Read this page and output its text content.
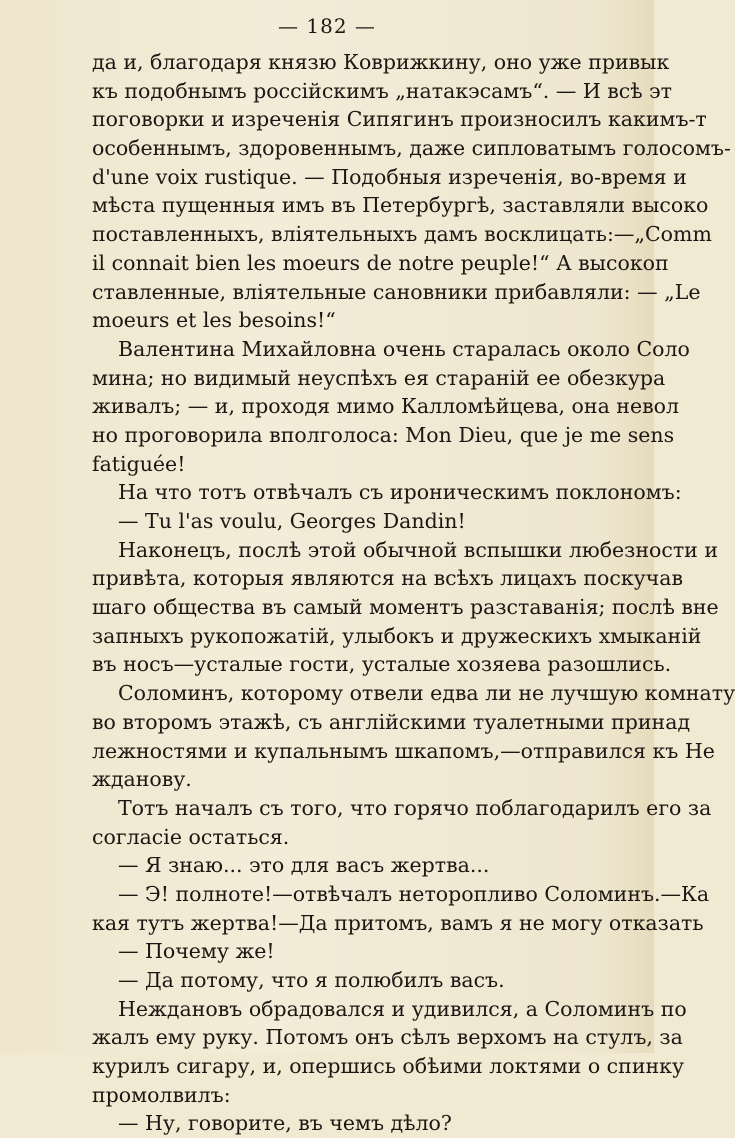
— 182 —
да и, благодаря князю Коврижкину, оно уже привык
къ подобнымъ россійскимъ „натакэсамъ“. — И всѣ эт
поговорки и изреченія Сипягинъ произносилъ какимъ-т
особеннымъ, здоровеннымъ, даже сипловатымъ голосомъ-
d'une voix rustique. — Подобныя изреченія, во-время и
мѣста пущенныя имъ въ Петербургѣ, заставляли высоко
поставленныхъ, вліятельныхъ дамъ восклицать:—„Comm
il connait bien les moeurs de notre peuple!“ А высокоп
ставленные, вліятельные сановники прибавляли: — „Le
moeurs et les besoins!“
Валентина Михайловна очень старалась около Соло
мина; но видимый неуспѣхъ ея стараній ее обезкура
живалъ; — и, проходя мимо Калломѣйцева, она невол
но проговорила вполголоса: Mon Dieu, que je me sens
fatiguée!
На что тотъ отвѣчалъ съ ироническимъ поклономъ:
— Tu l'as voulu, Georges Dandin!
Наконецъ, послѣ этой обычной вспышки любезности и
привѣта, которыя являются на всѣхъ лицахъ поскучав
шаго общества въ самый моментъ разставанія; послѣ вне
запныхъ рукопожатій, улыбокъ и дружескихъ хмыканій
въ носъ—усталые гости, усталые хозяева разошлись.
Соломинъ, которому отвели едва ли не лучшую комнату
во второмъ этажѣ, съ англійскими туалетными принад
лежностями и купальнымъ шкапомъ,—отправился къ Не
жданову.
Тотъ началъ съ того, что горячо поблагодарилъ его за
согласіе остаться.
— Я знаю... это для васъ жертва...
— Э! полноте!—отвѣчалъ неторопливо Соломинъ.—Ка
кая тутъ жертва!—Да притомъ, вамъ я не могу отказать
— Почему же!
— Да потому, что я полюбилъ васъ.
Неждановъ обрадовался и удивился, а Соломинъ по
жалъ ему руку. Потомъ онъ сѣлъ верхомъ на стулъ, за
курилъ сигару, и, опершись обѣими локтями о спинку
промолвилъ:
— Ну, говорите, въ чемъ дѣло?
